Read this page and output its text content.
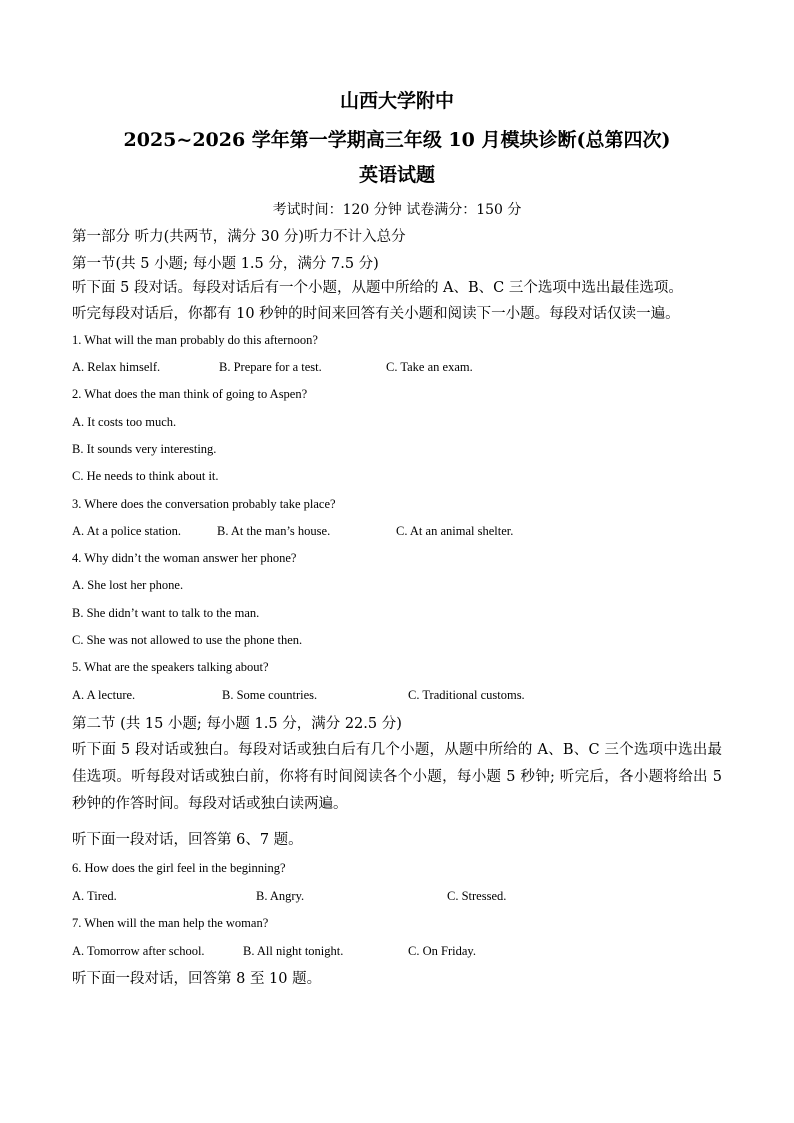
山西大学附中
2025~2026 学年第一学期高三年级 10 月模块诊断(总第四次)
英语试题
考试时间：120 分钟 试卷满分：150 分
第一部分 听力(共两节，满分 30 分)听力不计入总分
第一节(共 5 小题; 每小题 1.5 分，满分 7.5 分)
听下面 5 段对话。每段对话后有一个小题，从题中所给的 A、B、C 三个选项中选出最佳选项。
听完每段对话后，你都有 10 秒钟的时间来回答有关小题和阅读下一小题。每段对话仅读一遍。
1. What will the man probably do this afternoon?
A. Relax himself.	B. Prepare for a test.	C. Take an exam.
2. What does the man think of going to Aspen?
A. It costs too much.
B. It sounds very interesting.
C. He needs to think about it.
3. Where does the conversation probably take place?
A. At a police station.	B. At the man’s house.	C. At an animal shelter.
4. Why didn’t the woman answer her phone?
A. She lost her phone.
B. She didn’t want to talk to the man.
C. She was not allowed to use the phone then.
5. What are the speakers talking about?
A. A lecture.	B. Some countries.	C. Traditional customs.
第二节 (共 15 小题; 每小题 1.5 分，满分 22.5 分)
听下面 5 段对话或独白。每段对话或独白后有几个小题，从题中所给的 A、B、C 三个选项中选出最佳选项。听每段对话或独白前，你将有时间阅读各个小题，每小题 5 秒钟; 听完后，各小题将给出 5 秒钟的作答时间。每段对话或独白读两遍。
听下面一段对话，回答第 6、7 题。
6. How does the girl feel in the beginning?
A. Tired.	B. Angry.	C. Stressed.
7. When will the man help the woman?
A. Tomorrow after school.	B. All night tonight.	C. On Friday.
听下面一段对话，回答第 8 至 10 题。
